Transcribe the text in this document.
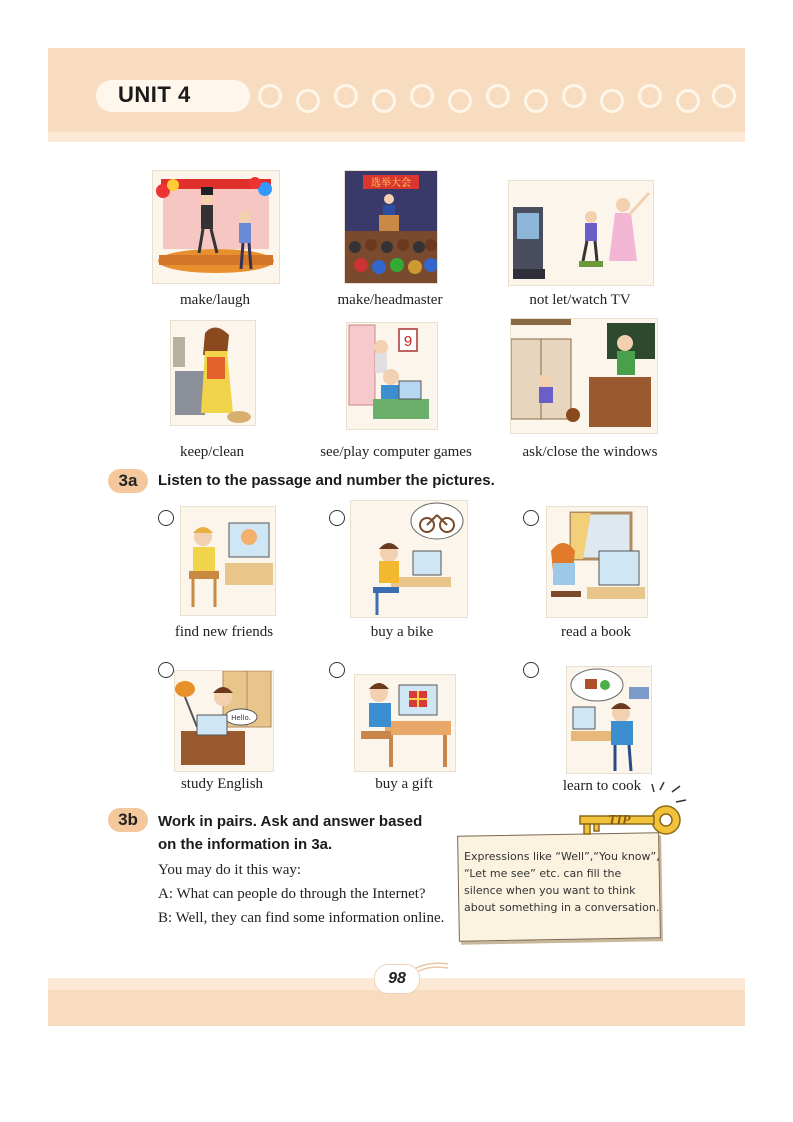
UNIT 4
make/laugh
选举大会
make/headmaster	not let/watch TV
keep/clean
9
see/play computer games	ask/close the windows
3a	Listen to the passage and number the pictures.
find new friends	buy a bike	read a book
Hello.
study English	buy a gift	learn to cook
3b	Work in pairs. Ask and answer based
on the information in 3a.
You may do it this way:
A: What can people do through the Internet?
B: Well, they can find some information online.
TIP
Expressions like “Well”,“You know”, “Let me see” etc. can fill the silence when you want to think about something in a conversation.
98
